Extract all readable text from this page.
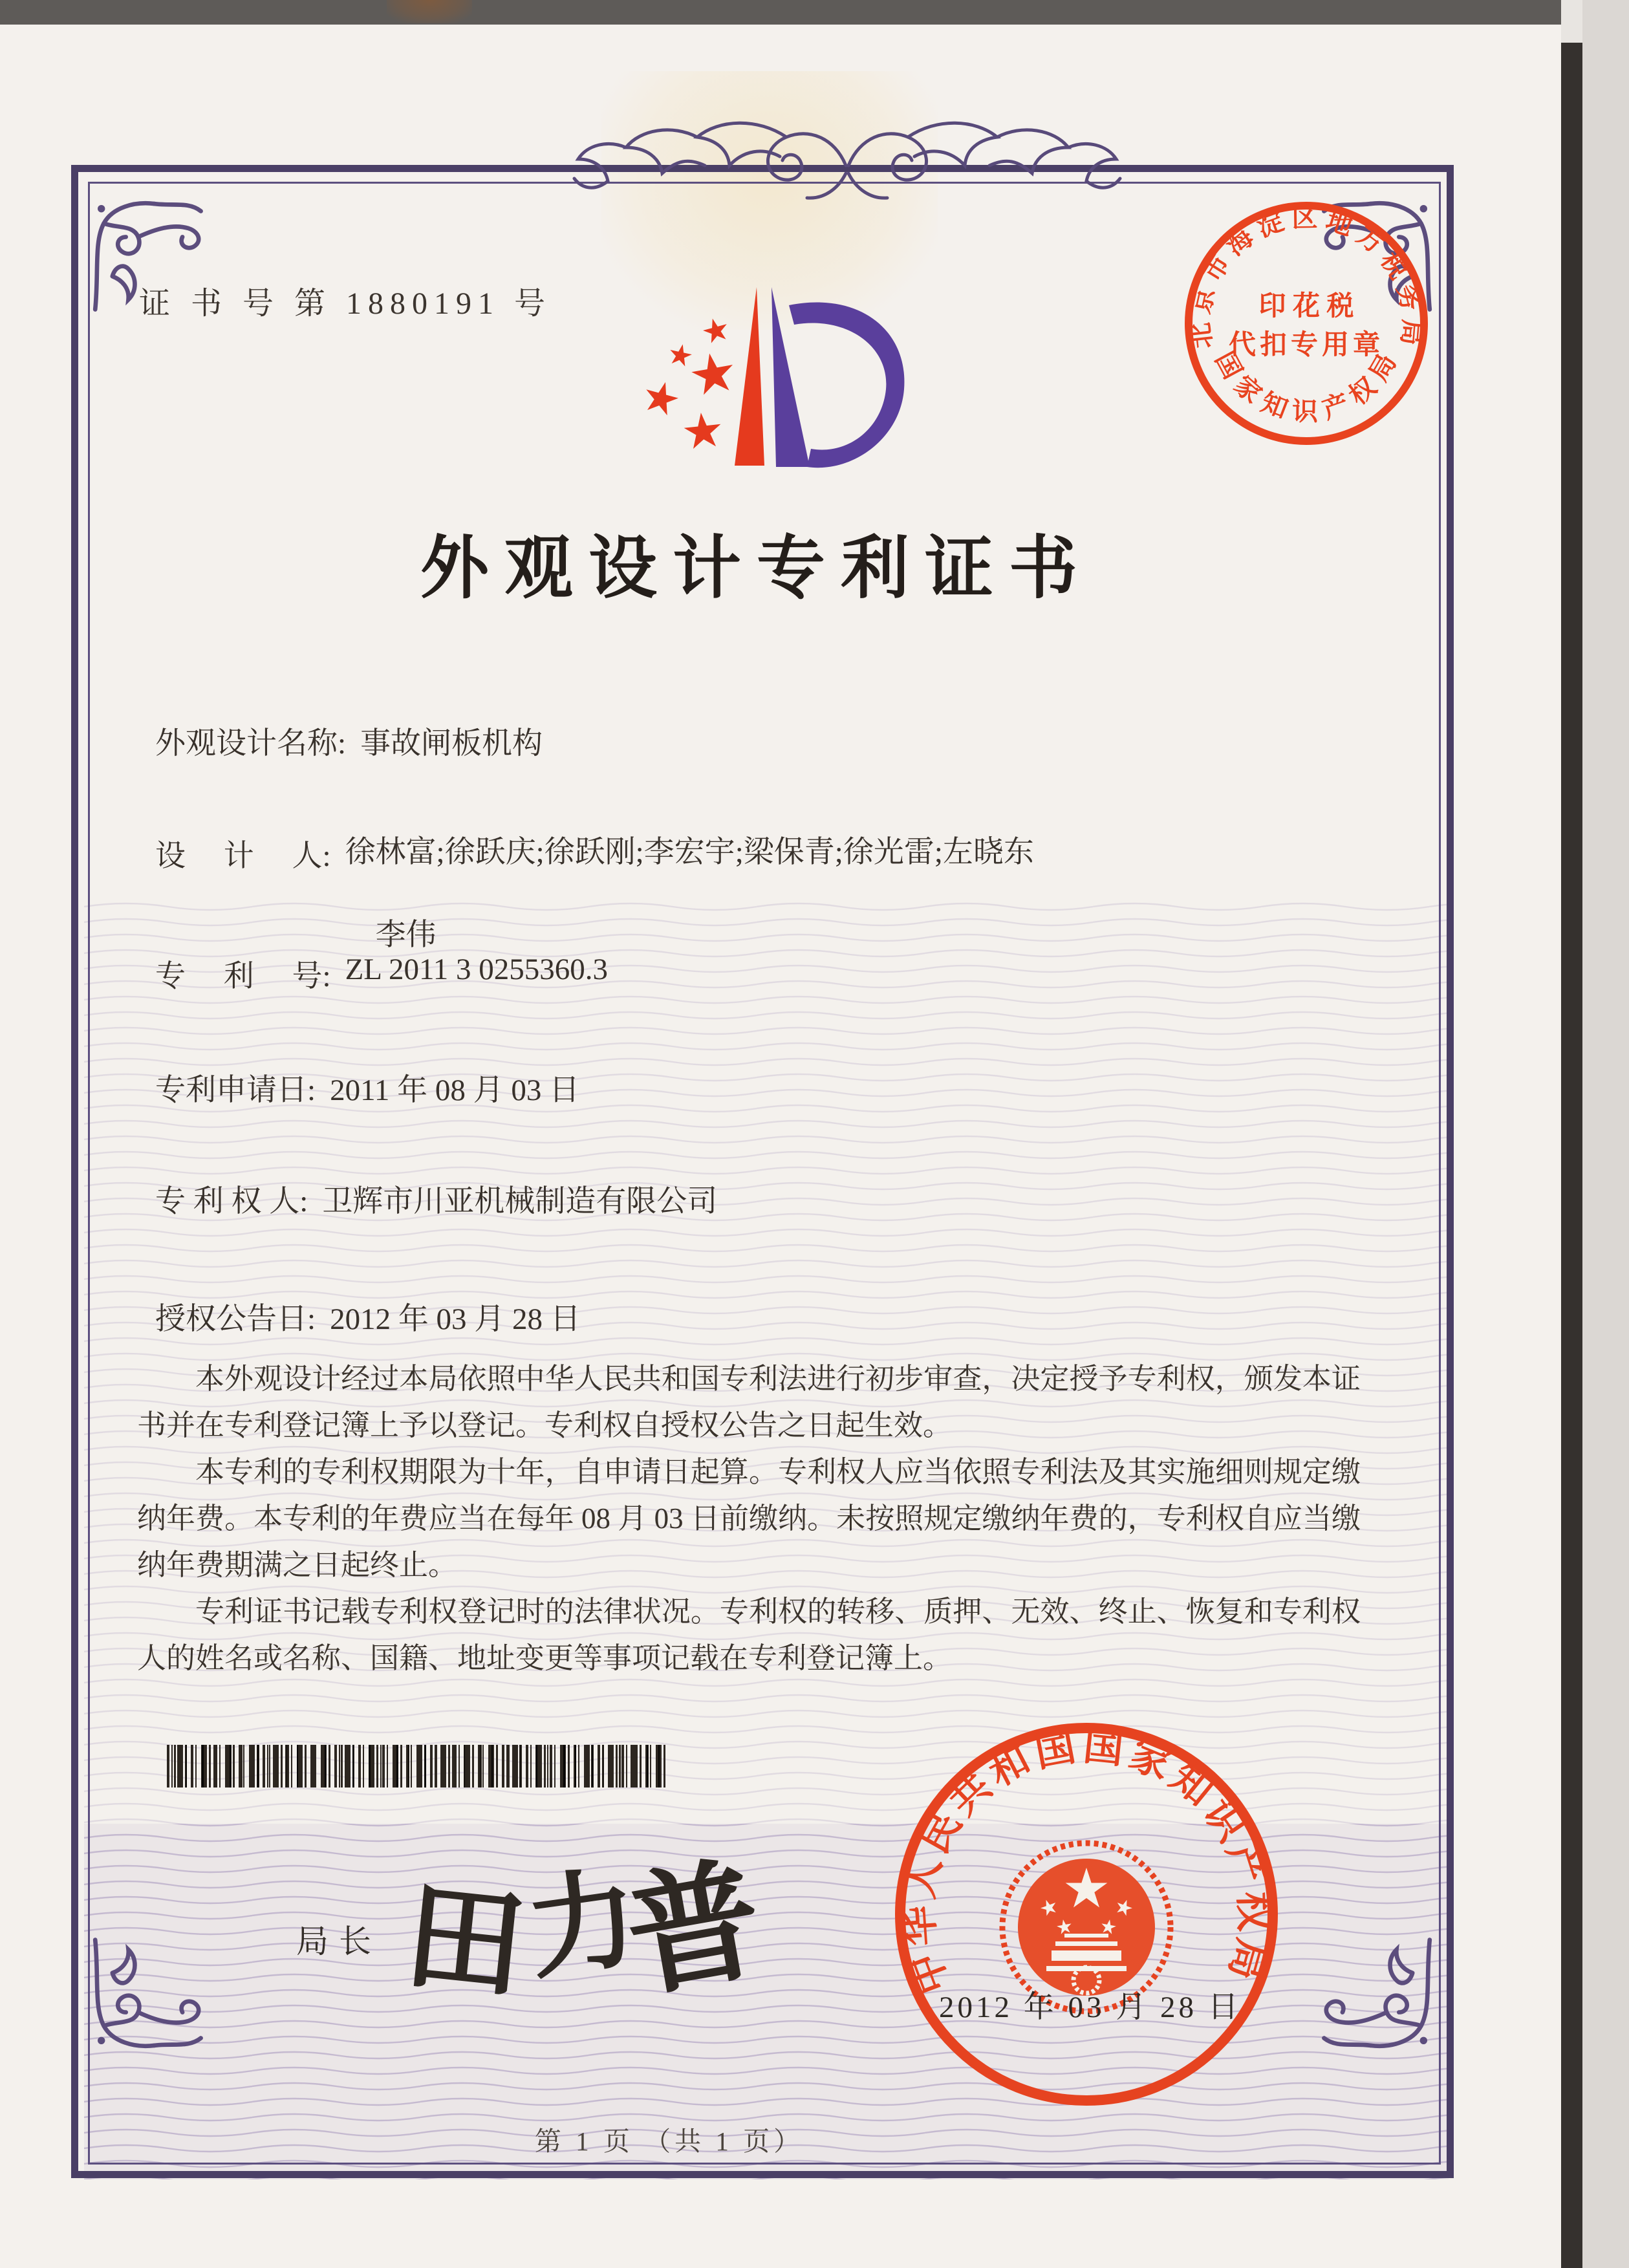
证 书 号 第 1880191 号
北京市海淀区地方税务局
印 花 税
代扣专用章
国家知识产权局
外观设计专利证书
外观设计名称: 事故闸板机构
设　 计　 人: 徐林富;徐跃庆;徐跃刚;李宏宇;梁保青;徐光雷;左晓东

李伟
专　 利　 号: ZL 2011 3 0255360.3
专利申请日: 2011 年 08 月 03 日
专 利 权 人: 卫辉市川亚机械制造有限公司
授权公告日: 2012 年 03 月 28 日

本外观设计经过本局依照中华人民共和国专利法进行初步审查，决定授予专利权，颁发本证书并在专利登记簿上予以登记。专利权自授权公告之日起生效。

本专利的专利权期限为十年，自申请日起算。专利权人应当依照专利法及其实施细则规定缴纳年费。本专利的年费应当在每年 08 月 03 日前缴纳。未按照规定缴纳年费的，专利权自应当缴纳年费期满之日起终止。

专利证书记载专利权登记时的法律状况。专利权的转移、质押、无效、终止、恢复和专利权人的姓名或名称、国籍、地址变更等事项记载在专利登记簿上。

局长 田
力
普	中华人民共和国国家知识产权局
2012 年 03 月 28 日
第 1 页 （共 1 页）
